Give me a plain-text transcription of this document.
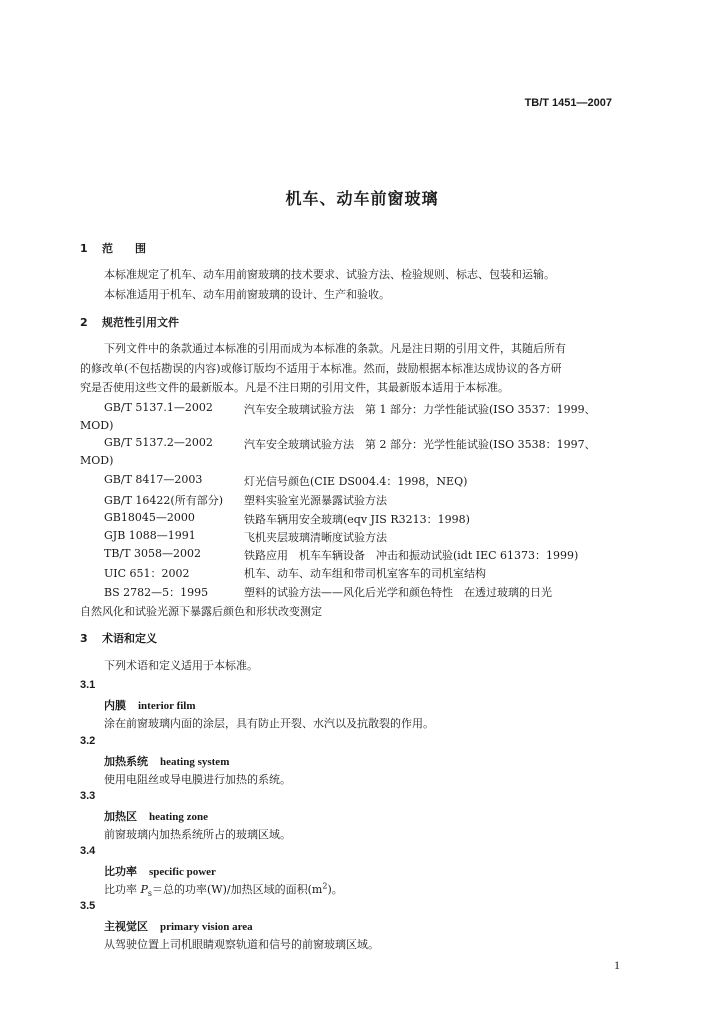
TB/T 1451—2007
机车、动车前窗玻璃
1 范　　围
本标准规定了机车、动车用前窗玻璃的技术要求、试验方法、检验规则、标志、包装和运输。
本标准适用于机车、动车用前窗玻璃的设计、生产和验收。
2 规范性引用文件
下列文件中的条款通过本标准的引用而成为本标准的条款。凡是注日期的引用文件，其随后所有
的修改单(不包括勘误的内容)或修订版均不适用于本标准。然而，鼓励根据本标准达成协议的各方研
究是否使用这些文件的最新版本。凡是不注日期的引用文件，其最新版本适用于本标准。
GB/T 5137.1—2002	汽车安全玻璃试验方法　第 1 部分：力学性能试验(ISO 3537：1999、
MOD)
GB/T 5137.2—2002	汽车安全玻璃试验方法　第 2 部分：光学性能试验(ISO 3538：1997、
MOD)
GB/T 8417—2003	灯光信号颜色(CIE DS004.4：1998，NEQ)
GB/T 16422(所有部分) 塑料实验室光源暴露试验方法
GB18045—2000	铁路车辆用安全玻璃(eqv JIS R3213：1998)
GJB 1088—1991	飞机夹层玻璃清晰度试验方法
TB/T 3058—2002	铁路应用　机车车辆设备　冲击和振动试验(idt IEC 61373：1999)
UIC 651：2002	机车、动车、动车组和带司机室客车的司机室结构
BS 2782—5：1995	塑料的试验方法——风化后光学和颜色特性　在透过玻璃的日光
自然风化和试验光源下暴露后颜色和形状改变测定
3 术语和定义
下列术语和定义适用于本标准。
3.1
内膜 interior film
涂在前窗玻璃内面的涂层，具有防止开裂、水汽以及抗散裂的作用。
3.2
加热系统 heating system
使用电阻丝或导电膜进行加热的系统。
3.3
加热区 heating zone
前窗玻璃内加热系统所占的玻璃区域。
3.4
比功率 specific power
比功率 $P_s=$总的功率(W)/加热区域的面积$(m^2)$。
3.5
主视觉区 primary vision area
从驾驶位置上司机眼睛观察轨道和信号的前窗玻璃区域。
1
